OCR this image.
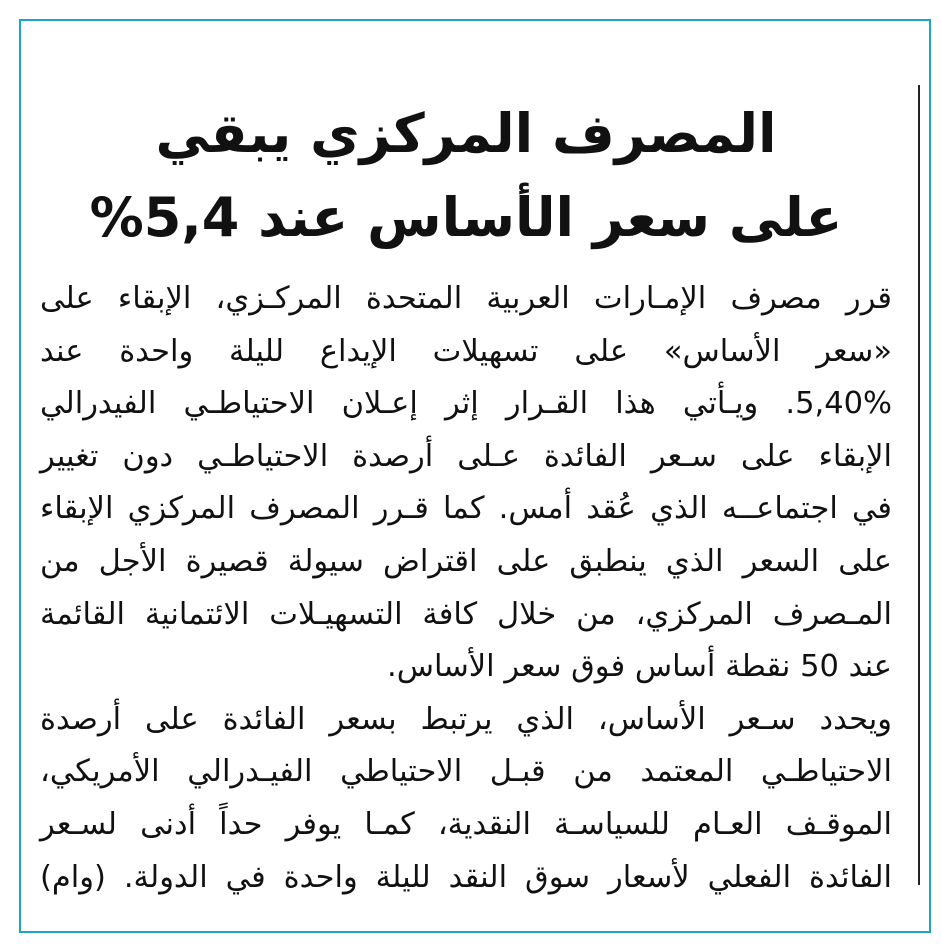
المصرف المركزي يبقي
على سعر الأساس عند 5,4%
قرر مصرف الإمـارات العربية المتحدة المركـزي، الإبقاء على
«سعر الأساس» على تسهيلات الإيداع لليلة واحدة عند
5,40%. ويـأتي هذا القـرار إثر إعـلان الاحتياطـي الفيدرالي
الإبقاء على سـعر الفائدة عـلى أرصدة الاحتياطـي دون تغيير
في اجتماعــه الذي عُقد أمس. كما قـرر المصرف المركزي الإبقاء
على السعر الذي ينطبق على اقتراض سيولة قصيرة الأجل من
المـصرف المركزي، من خلال كافة التسهيـلات الائتمانية القائمة
عند 50 نقطة أساس فوق سعر الأساس.
ويحدد سـعر الأساس، الذي يرتبط بسعر الفائدة على أرصدة
الاحتياطـي المعتمد من قبـل الاحتياطي الفيـدرالي الأمريكي،
الموقـف العـام للسياسـة النقدية، كمـا يوفر حداً أدنى لسـعر
الفائدة الفعلي لأسعار سوق النقد لليلة واحدة في الدولة. (وام)
